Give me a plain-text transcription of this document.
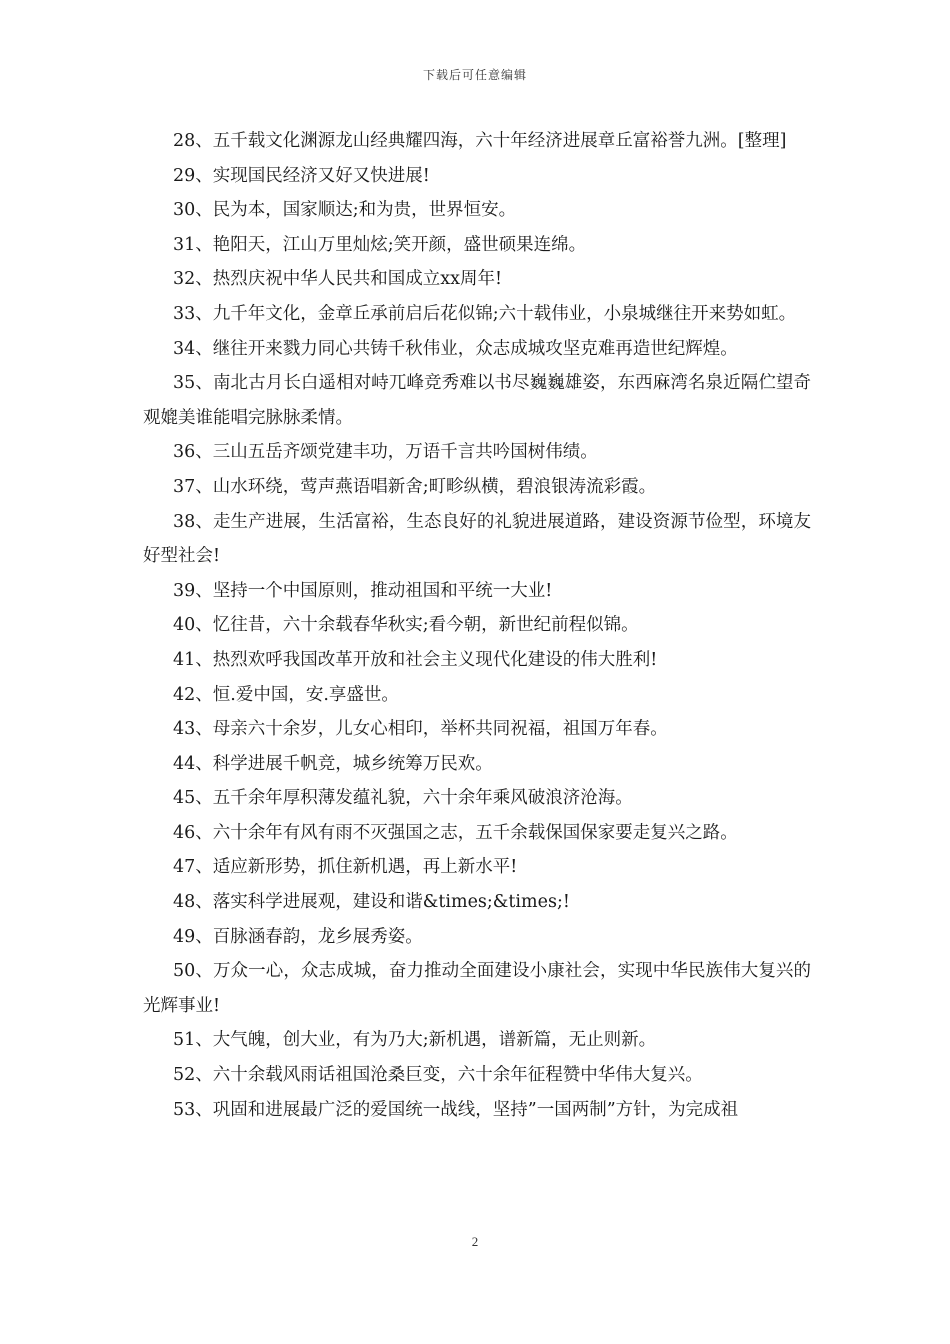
下载后可任意编辑

28、五千载文化渊源龙山经典耀四海，六十年经济进展章丘富裕誉九洲。[整理]

29、实现国民经济又好又快进展!

30、民为本，国家顺达;和为贵，世界恒安。

31、艳阳天，江山万里灿炫;笑开颜，盛世硕果连绵。

32、热烈庆祝中华人民共和国成立xx周年!

33、九千年文化，金章丘承前启后花似锦;六十载伟业，小泉城继往开来势如虹。

34、继往开来戮力同心共铸千秋伟业，众志成城攻坚克难再造世纪辉煌。

35、南北古月长白遥相对峙兀峰竞秀难以书尽巍巍雄姿，东西麻湾名泉近隔伫望奇观媲美谁能唱完脉脉柔情。

36、三山五岳齐颂党建丰功，万语千言共吟国树伟绩。

37、山水环绕，莺声燕语唱新舍;町畛纵横，碧浪银涛流彩霞。

38、走生产进展，生活富裕，生态良好的礼貌进展道路，建设资源节俭型，环境友好型社会!

39、坚持一个中国原则，推动祖国和平统一大业!

40、忆往昔，六十余载春华秋实;看今朝，新世纪前程似锦。

41、热烈欢呼我国改革开放和社会主义现代化建设的伟大胜利!

42、恒.爱中国，安.享盛世。

43、母亲六十余岁，儿女心相印，举杯共同祝福，祖国万年春。

44、科学进展千帆竞，城乡统筹万民欢。

45、五千余年厚积薄发蕴礼貌，六十余年乘风破浪济沧海。

46、六十余年有风有雨不灭强国之志，五千余载保国保家要走复兴之路。

47、适应新形势，抓住新机遇，再上新水平!

48、落实科学进展观，建设和谐&times;&times;!

49、百脉涵春韵，龙乡展秀姿。

50、万众一心，众志成城，奋力推动全面建设小康社会，实现中华民族伟大复兴的光辉事业!

51、大气魄，创大业，有为乃大;新机遇，谱新篇，无止则新。

52、六十余载风雨话祖国沧桑巨变，六十余年征程赞中华伟大复兴。

53、巩固和进展最广泛的爱国统一战线，坚持”一国两制”方针，为完成祖

2
